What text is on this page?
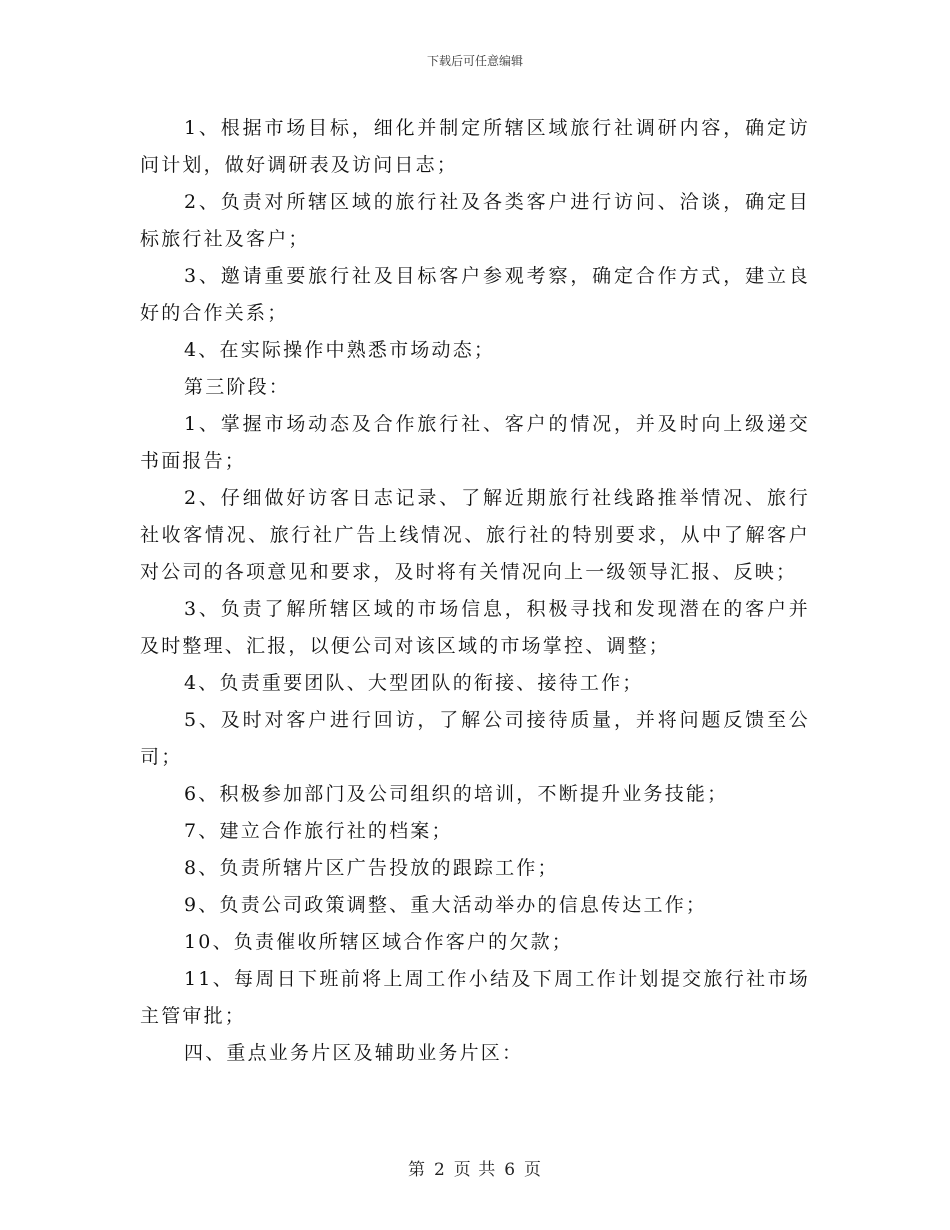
下载后可任意编辑

1、根据市场目标，细化并制定所辖区域旅行社调研内容，确定访问计划，做好调研表及访问日志；

2、负责对所辖区域的旅行社及各类客户进行访问、洽谈，确定目标旅行社及客户；

3、邀请重要旅行社及目标客户参观考察，确定合作方式，建立良好的合作关系；

4、在实际操作中熟悉市场动态；

第三阶段：

1、掌握市场动态及合作旅行社、客户的情况，并及时向上级递交书面报告；

2、仔细做好访客日志记录、了解近期旅行社线路推举情况、旅行社收客情况、旅行社广告上线情况、旅行社的特别要求，从中了解客户对公司的各项意见和要求，及时将有关情况向上一级领导汇报、反映；

3、负责了解所辖区域的市场信息，积极寻找和发现潜在的客户并及时整理、汇报，以便公司对该区域的市场掌控、调整；

4、负责重要团队、大型团队的衔接、接待工作；

5、及时对客户进行回访，了解公司接待质量，并将问题反馈至公司；

6、积极参加部门及公司组织的培训，不断提升业务技能；

7、建立合作旅行社的档案；

8、负责所辖片区广告投放的跟踪工作；

9、负责公司政策调整、重大活动举办的信息传达工作；

10、负责催收所辖区域合作客户的欠款；

11、每周日下班前将上周工作小结及下周工作计划提交旅行社市场主管审批；

四、重点业务片区及辅助业务片区：

第 2 页 共 6 页
